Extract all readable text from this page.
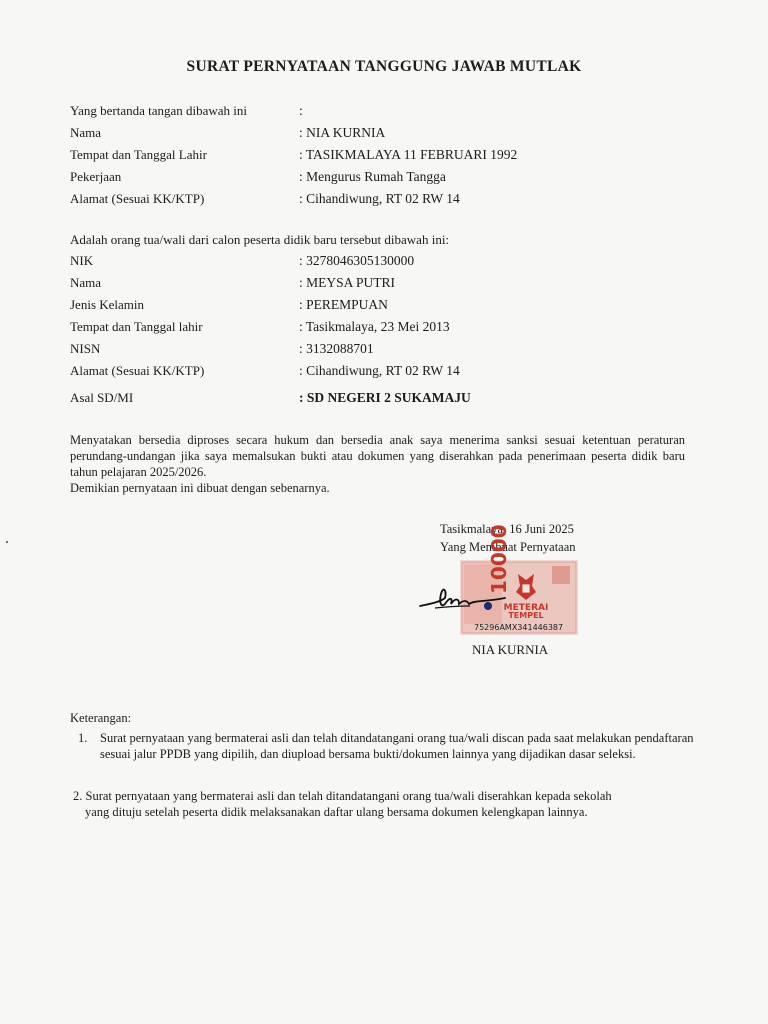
SURAT PERNYATAAN TANGGUNG JAWAB MUTLAK
Yang bertanda tangan dibawah ini	:
Nama	: NIA KURNIA
Tempat dan Tanggal Lahir	: TASIKMALAYA 11 FEBRUARI 1992
Pekerjaan	: Mengurus Rumah Tangga
Alamat (Sesuai KK/KTP)	: Cihandiwung, RT 02 RW 14
Adalah orang tua/wali dari calon peserta didik baru tersebut dibawah ini:
NIK	: 3278046305130000
Nama	: MEYSA PUTRI
Jenis Kelamin	: PEREMPUAN
Tempat dan Tanggal lahir	: Tasikmalaya, 23 Mei 2013
NISN	: 3132088701
Alamat (Sesuai KK/KTP)	: Cihandiwung, RT 02 RW 14
Asal SD/MI	: SD NEGERI 2 SUKAMAJU

Menyatakan bersedia diproses secara hukum dan bersedia anak saya menerima sanksi sesuai ketentuan peraturan perundang-undangan jika saya memalsukan bukti atau dokumen yang diserahkan pada penerimaan peserta didik baru tahun pelajaran 2025/2026.

Demikian pernyataan ini dibuat dengan sebenarnya.

Tasikmalaya, 16 Juni 2025
Yang Membuat Pernyataan
10000
METERAI
TEMPEL
75296AMX341446387
NIA KURNIA
Keterangan:
1. Surat pernyataan yang bermaterai asli dan telah ditandatangani orang tua/wali discan pada saat melakukan pendaftaran sesuai jalur PPDB yang dipilih, dan diupload bersama bukti/dokumen lainnya yang dijadikan dasar seleksi.
2. Surat pernyataan yang bermaterai asli dan telah ditandatangani orang tua/wali diserahkan kepada sekolah
yang dituju setelah peserta didik melaksanakan daftar ulang bersama dokumen kelengkapan lainnya.
